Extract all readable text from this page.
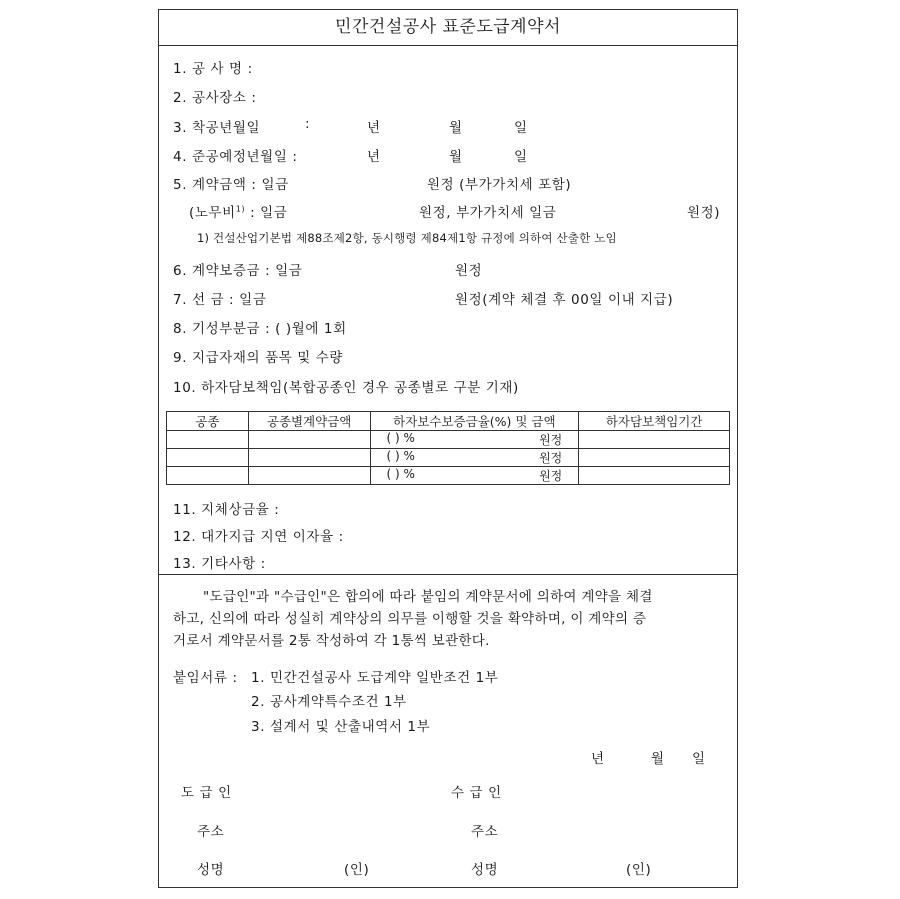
민간건설공사 표준도급계약서
1. 공 사 명 :
2. 공사장소 :
3. 착공년월일	:	년	월	일
4. 준공예정년월일 :	년	월	일
5. 계약금액 : 일금	원정 (부가가치세 포함)
(노무비$^{1)}$ : 일금	원정, 부가가치세 일금	원정)
1) 건설산업기본법 제88조제2항, 동시행령 제84제1항 규정에 의하여 산출한 노임
6. 계약보증금 : 일금	원정
7. 선 금 : 일금	원정(계약 체결 후 00일 이내 지급)
8. 기성부분금 : ( )월에 1회
9. 지급자재의 품목 및 수량
10. 하자담보책임(복합공종인 경우 공종별로 구분 기재)
공종	공종별계약금액	하자보수보증금율(%) 및 금액	하자담보책임기간

		( ) % 원정	

		( ) % 원정	

		( ) % 원정	

11. 지체상금율 :
12. 대가지급 지연 이자율 :
13. 기타사항 :
"도급인"과 "수급인"은 합의에 따라 붙임의 계약문서에 의하여 계약을 체결
하고, 신의에 따라 성실히 계약상의 의무를 이행할 것을 확약하며, 이 계약의 증
거로서 계약문서를 2통 작성하여 각 1통씩 보관한다.
붙임서류 : 1. 민간건설공사 도급계약 일반조건 1부
2. 공사계약특수조건 1부
3. 설계서 및 산출내역서 1부
년	월 일
도 급 인	수 급 인
주소	주소
성명	(인)	성명	(인)
